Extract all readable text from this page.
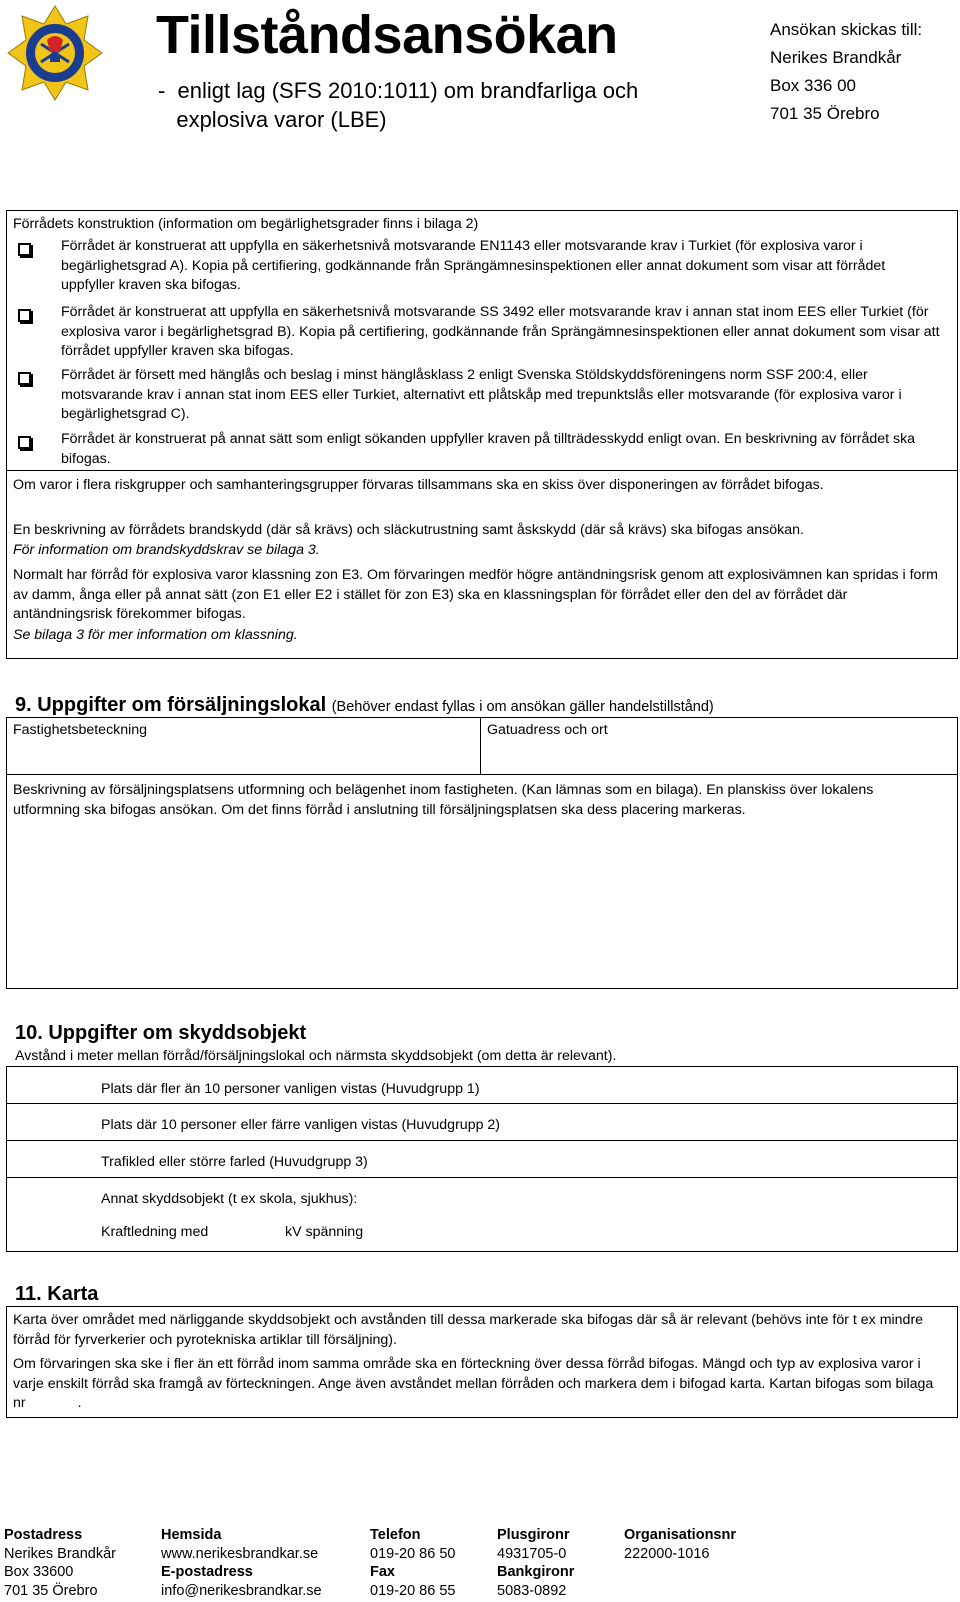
Tillståndsansökan
-  enligt lag (SFS 2010:1011) om brandfarliga och
explosiva varor (LBE)
Ansökan skickas till:
Nerikes Brandkår
Box 336 00
701 35 Örebro
Förrådets konstruktion (information om begärlighetsgrader finns i bilaga 2)
Förrådet är konstruerat att uppfylla en säkerhetsnivå motsvarande EN1143 eller motsvarande krav i Turkiet (för explosiva varor i begärlighetsgrad A). Kopia på certifiering, godkännande från Sprängämnesinspektionen eller annat dokument som visar att förrådet uppfyller kraven ska bifogas.
Förrådet är konstruerat att uppfylla en säkerhetsnivå motsvarande SS 3492 eller motsvarande krav i annan stat inom EES eller Turkiet (för explosiva varor i begärlighetsgrad B). Kopia på certifiering, godkännande från Sprängämnesinspektionen eller annat dokument som visar att förrådet uppfyller kraven ska bifogas.
Förrådet är försett med hänglås och beslag i minst hänglåsklass 2 enligt Svenska Stöldskyddsföreningens norm SSF 200:4, eller motsvarande krav i annan stat inom EES eller Turkiet, alternativt ett plåtskåp med trepunktslås eller motsvarande (för explosiva varor i begärlighetsgrad C).
Förrådet är konstruerat på annat sätt som enligt sökanden uppfyller kraven på tillträdesskydd enligt ovan. En beskrivning av förrådet ska bifogas.
Om varor i flera riskgrupper och samhanteringsgrupper förvaras tillsammans ska en skiss över disponeringen av förrådet bifogas.
En beskrivning av förrådets brandskydd (där så krävs) och släckutrustning samt åskskydd (där så krävs) ska bifogas ansökan.
För information om brandskyddskrav se bilaga 3.
Normalt har förråd för explosiva varor klassning zon E3. Om förvaringen medför högre antändningsrisk genom att explosivämnen kan spridas i form av damm, ånga eller på annat sätt (zon E1 eller E2 i stället för zon E3) ska en klassningsplan för förrådet eller den del av förrådet där antändningsrisk förekommer bifogas.
Se bilaga 3 för mer information om klassning.
9. Uppgifter om försäljningslokal (Behöver endast fyllas i om ansökan gäller handelstillstånd)
Fastighetsbeteckning	Gatuadress och ort
Beskrivning av försäljningsplatsens utformning och belägenhet inom fastigheten. (Kan lämnas som en bilaga). En planskiss över lokalens utformning ska bifogas ansökan. Om det finns förråd i anslutning till försäljningsplatsen ska dess placering markeras.
10. Uppgifter om skyddsobjekt
Avstånd i meter mellan förråd/försäljningslokal och närmsta skyddsobjekt (om detta är relevant).
Plats där fler än 10 personer vanligen vistas (Huvudgrupp 1)
Plats där 10 personer eller färre vanligen vistas (Huvudgrupp 2)
Trafikled eller större farled (Huvudgrupp 3)
Annat skyddsobjekt (t ex skola, sjukhus):
Kraftledning med	kV spänning
11. Karta
Karta över området med närliggande skyddsobjekt och avstånden till dessa markerade ska bifogas där så är relevant (behövs inte för t ex mindre förråd för fyrverkerier och pyrotekniska artiklar till försäljning).
Om förvaringen ska ske i fler än ett förråd inom samma område ska en förteckning över dessa förråd bifogas. Mängd och typ av explosiva varor i varje enskilt förråd ska framgå av förteckningen. Ange även avståndet mellan förråden och markera dem i bifogad karta. Kartan bifogas som bilaga nr	.
Postadress
Nerikes Brandkår
Box 33600
701 35 Örebro
Hemsida
www.nerikesbrandkar.se
E-postadress
info@nerikesbrandkar.se
Telefon
019-20 86 50
Fax
019-20 86 55
Plusgironr
4931705-0
Bankgironr
5083-0892
Organisationsnr
222000-1016
